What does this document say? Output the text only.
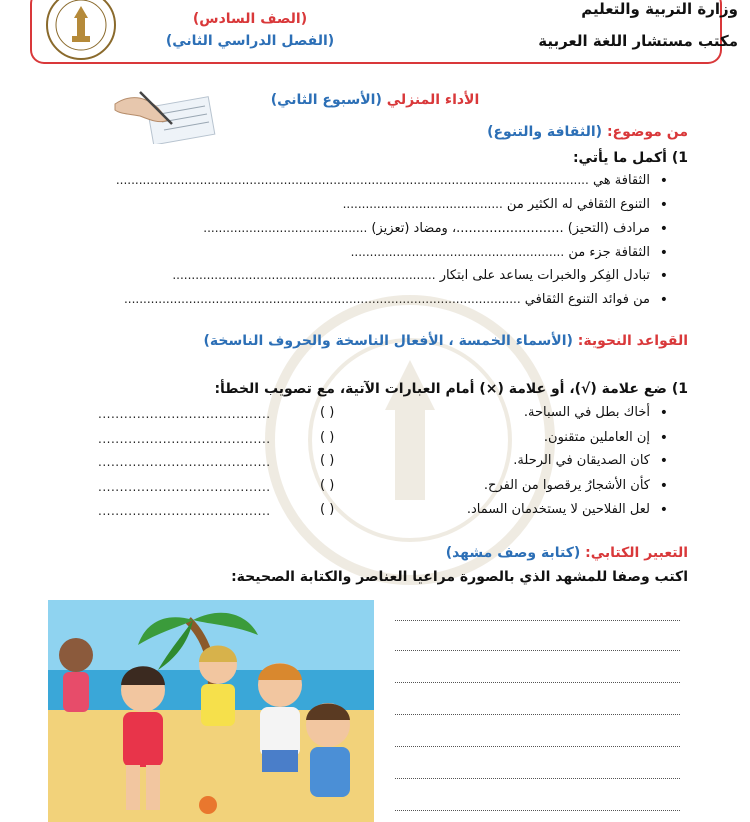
وزارة التربية والتعليم
مكتب مستشار اللغة العربية
(الصف السادس)
(الفصل الدراسي الثاني)
الأداء المنزلي (الأسبوع الثاني)
من موضوع: (الثقافة والتنوع)
1) أكمل ما يأتي:
• الثقافة هي ............................................................................................................................
• التنوع الثقافي له الكثير من ..........................................
• مرادف (التحيز) ..........................، ومضاد (تعزيز) ...........................................
• الثقافة جزء من ........................................................
• تبادل الفِكر والخبرات يساعد على ابتكار .....................................................................
• من فوائد التنوع الثقافي ........................................................................................................
القواعد النحوية: (الأسماء الخمسة ، الأفعال الناسخة والحروف الناسخة)
1) ضع علامة (√)، أو علامة (×) أمام العبارات الآتية، مع تصويب الخطأ:
• أخاك بطل في السباحة.
( )
........................................
• إن العاملين متقنون.
( )
........................................
• كان الصديقان في الرحلة.
( )
........................................
• كأن الأشجارُ يرقصوا من الفرح.
( )
........................................
• لعل الفلاحين لا يستخدمان السماد.
( )
........................................
التعبير الكتابي: (كتابة وصف مشهد)
اكتب وصفا للمشهد الذي بالصورة مراعيا العناصر والكتابة الصحيحة:
